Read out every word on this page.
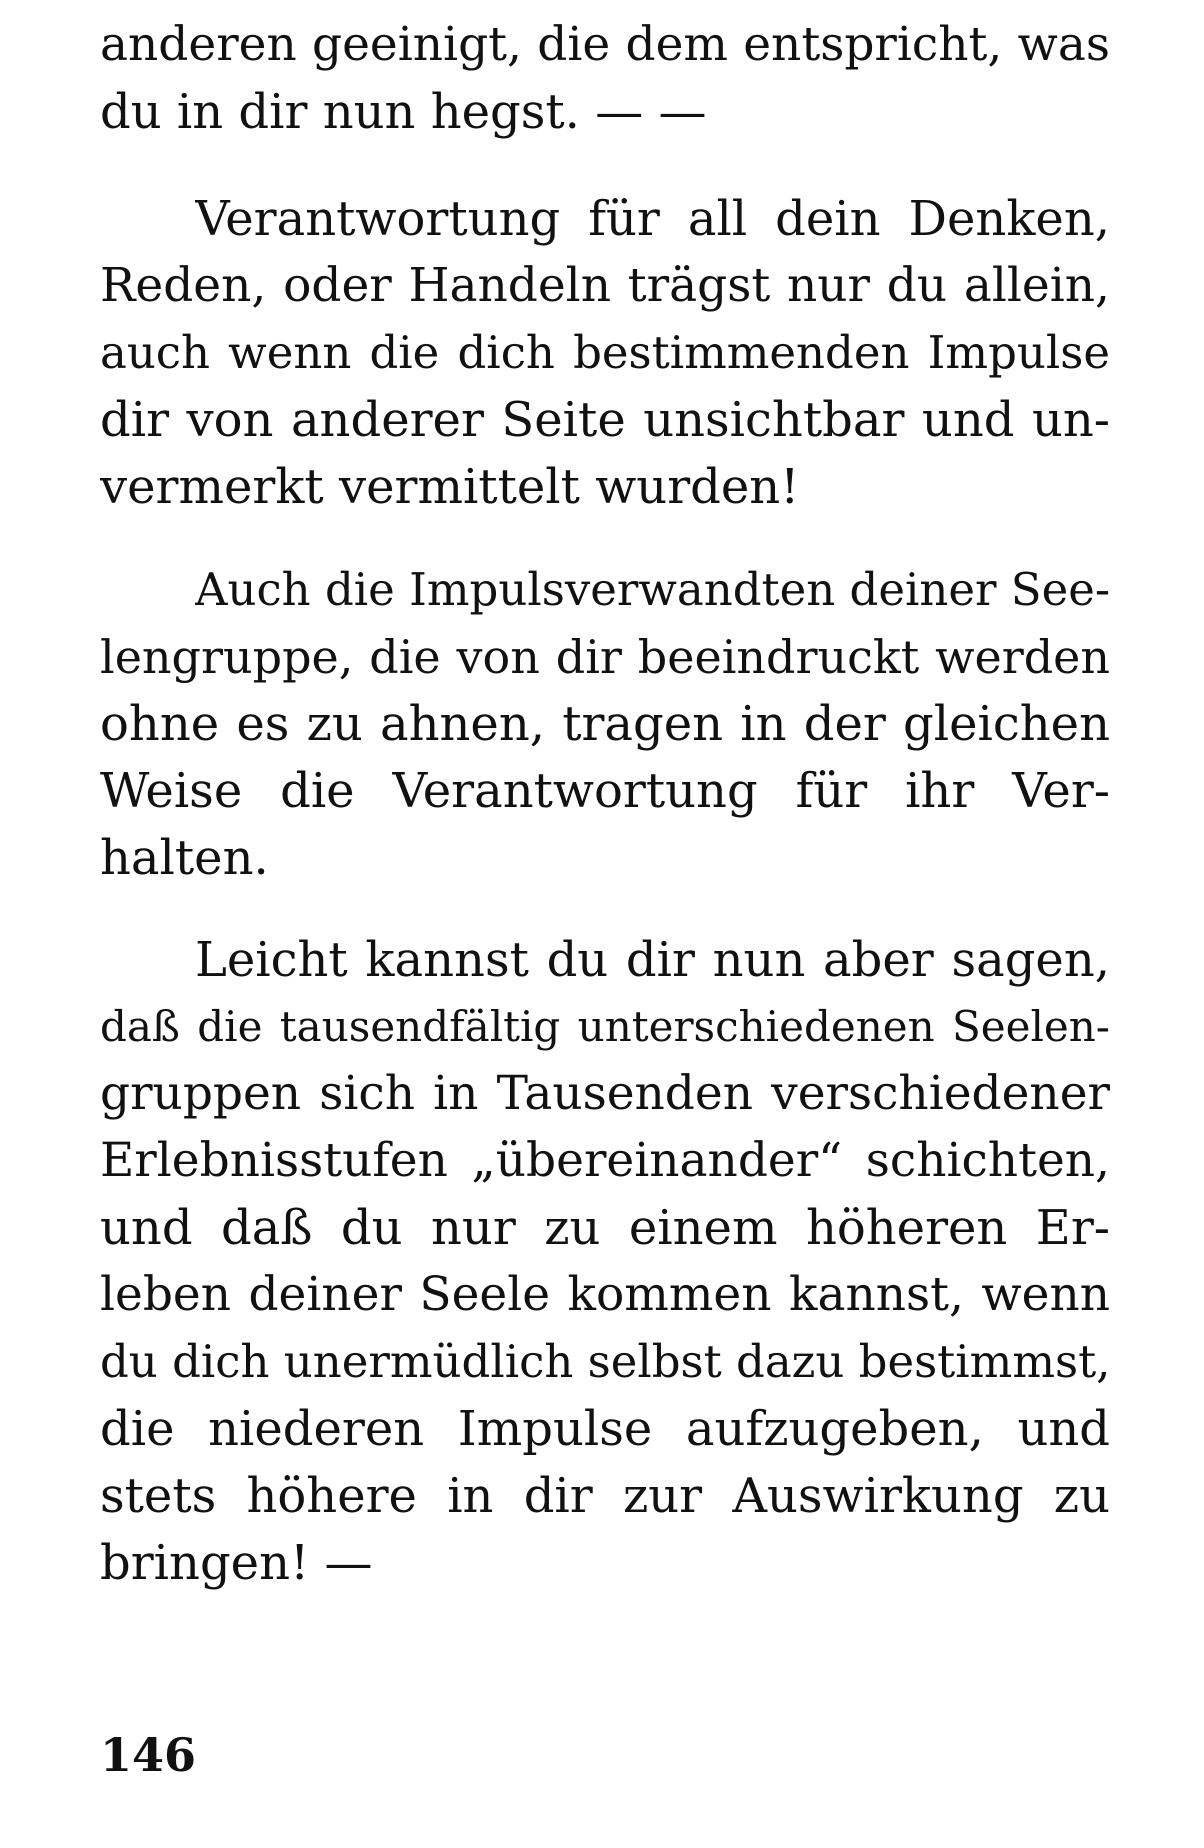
anderen geeinigt, die dem entspricht, was
du in dir nun hegst. — —
Verantwortung für all dein Denken,
Reden, oder Handeln trägst nur du allein,
auch wenn die dich bestimmenden Impulse
dir von anderer Seite unsichtbar und un-
vermerkt vermittelt wurden!
Auch die Impulsverwandten deiner See-
lengruppe, die von dir beeindruckt werden
ohne es zu ahnen, tragen in der gleichen
Weise die Verantwortung für ihr Ver-
halten.
Leicht kannst du dir nun aber sagen,
daß die tausendfältig unterschiedenen Seelen-
gruppen sich in Tausenden verschiedener
Erlebnisstufen „übereinander“ schichten,
und daß du nur zu einem höheren Er-
leben deiner Seele kommen kannst, wenn
du dich unermüdlich selbst dazu bestimmst,
die niederen Impulse aufzugeben, und
stets höhere in dir zur Auswirkung zu
bringen! —
146
